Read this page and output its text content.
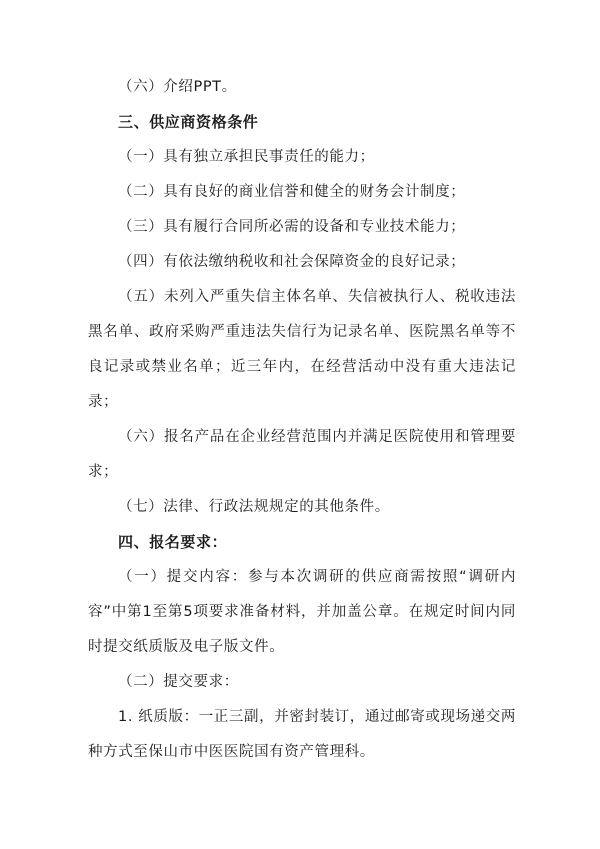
（六）介绍PPT。

三、供应商资格条件

（一）具有独立承担民事责任的能力；

（二）具有良好的商业信誉和健全的财务会计制度；

（三）具有履行合同所必需的设备和专业技术能力；

（四）有依法缴纳税收和社会保障资金的良好记录；

（五）未列入严重失信主体名单、失信被执行人、税收违法黑名单、政府采购严重违法失信行为记录名单、医院黑名单等不良记录或禁业名单；近三年内，在经营活动中没有重大违法记录；

（六）报名产品在企业经营范围内并满足医院使用和管理要求；

（七）法律、行政法规规定的其他条件。

四、报名要求：

（一）提交内容：参与本次调研的供应商需按照“调研内容”中第1至第5项要求准备材料，并加盖公章。在规定时间内同时提交纸质版及电子版文件。

（二）提交要求：

1. 纸质版：一正三副，并密封装订，通过邮寄或现场递交两种方式至保山市中医医院国有资产管理科。
